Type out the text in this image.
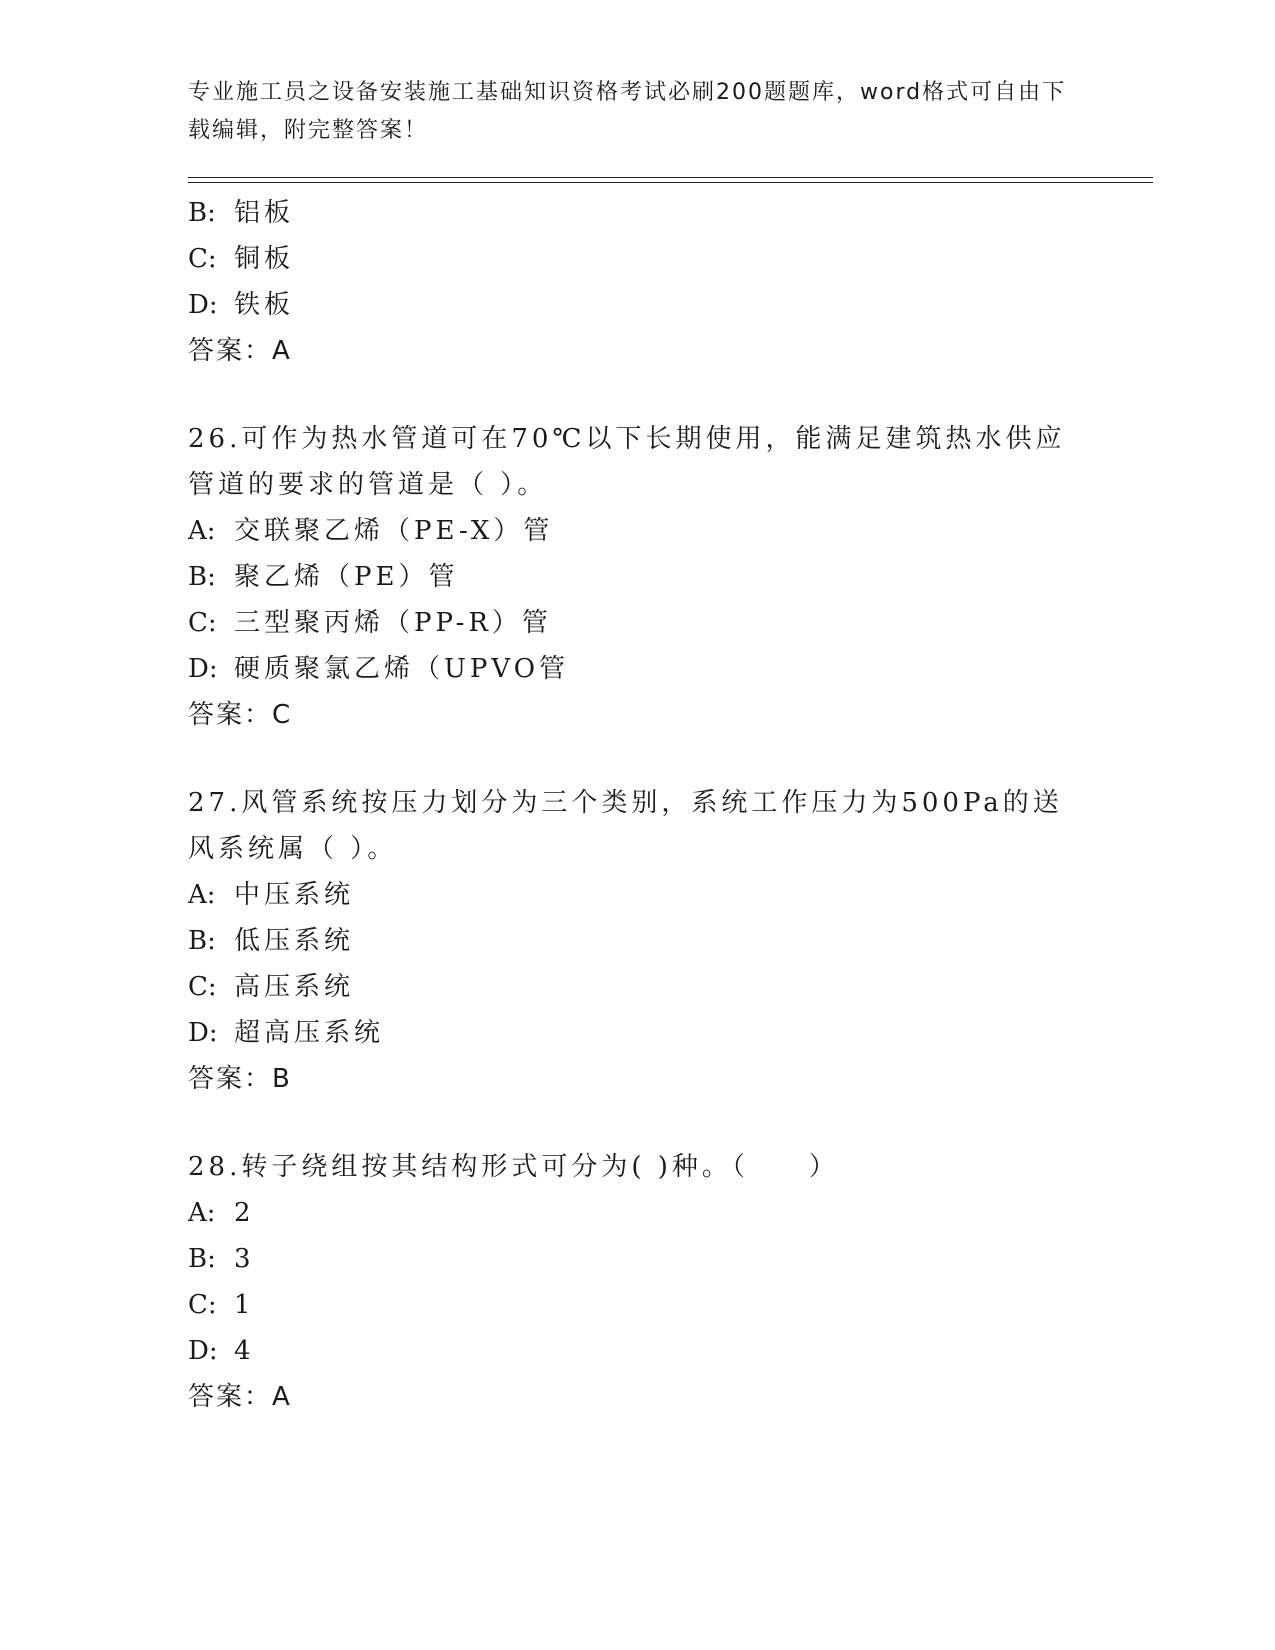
专业施工员之设备安装施工基础知识资格考试必刷200题题库，word格式可自由下载编辑，附完整答案！
B: 铝板
C: 铜板
D: 铁板
答案：A
26.可作为热水管道可在70℃以下长期使用，能满足建筑热水供应管道的要求的管道是（ ）。
A: 交联聚乙烯（PE-X）管
B: 聚乙烯（PE）管
C: 三型聚丙烯（PP-R）管
D: 硬质聚氯乙烯（UPVO管
答案：C
27.风管系统按压力划分为三个类别，系统工作压力为500Pa的送风系统属（ ）。
A: 中压系统
B: 低压系统
C: 高压系统
D: 超高压系统
答案：B
28.转子绕组按其结构形式可分为( )种。（　　）
A: 2
B: 3
C: 1
D: 4
答案：A
